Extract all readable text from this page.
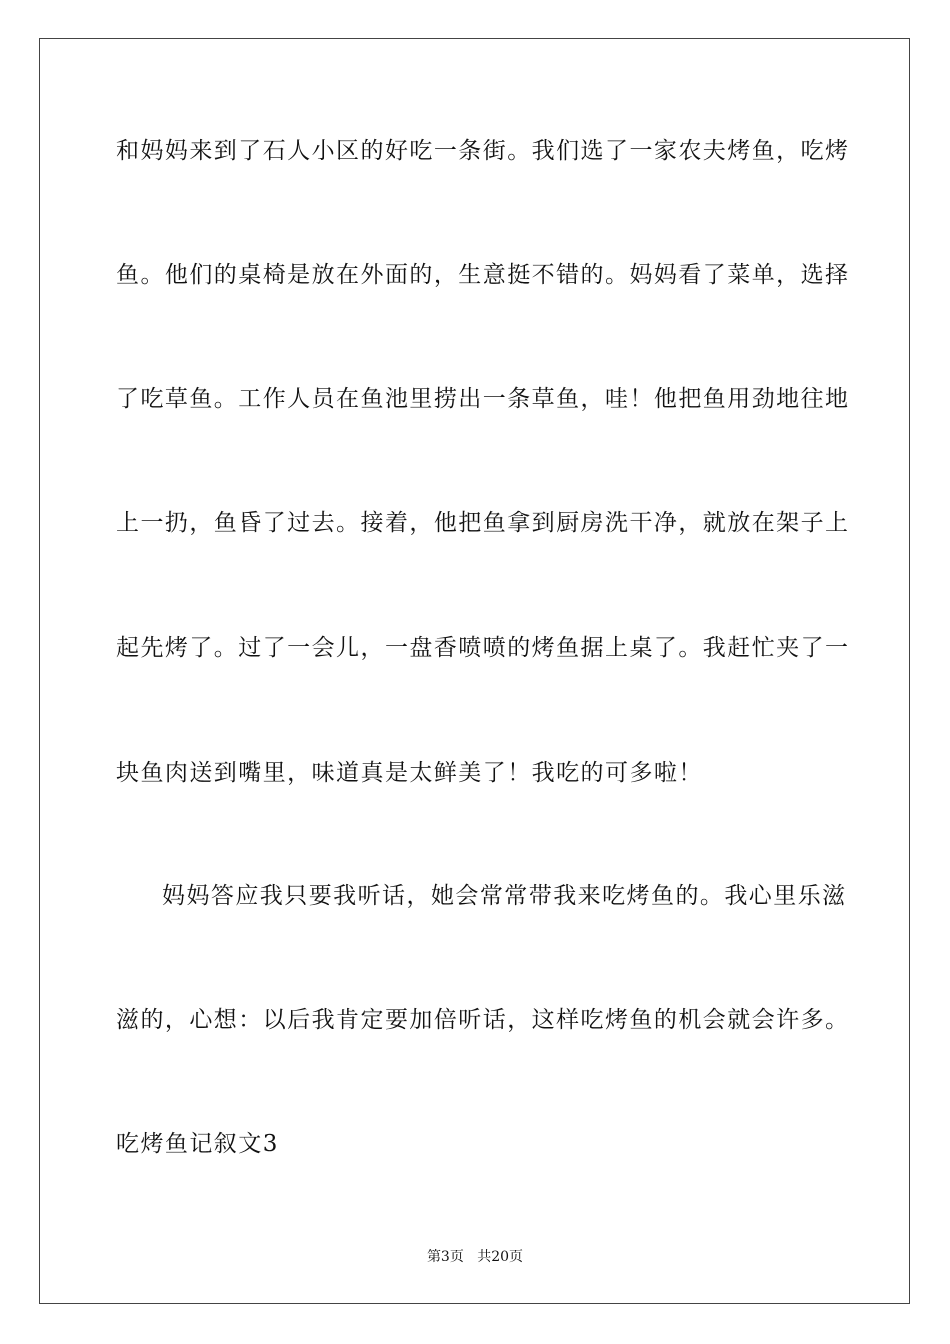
和妈妈来到了石人小区的好吃一条街。我们选了一家农夫烤鱼，吃烤
鱼。他们的桌椅是放在外面的，生意挺不错的。妈妈看了菜单，选择
了吃草鱼。工作人员在鱼池里捞出一条草鱼，哇！他把鱼用劲地往地
上一扔，鱼昏了过去。接着，他把鱼拿到厨房洗干净，就放在架子上
起先烤了。过了一会儿，一盘香喷喷的烤鱼据上桌了。我赶忙夹了一
块鱼肉送到嘴里，味道真是太鲜美了！我吃的可多啦！
妈妈答应我只要我听话，她会常常带我来吃烤鱼的。我心里乐滋
滋的，心想：以后我肯定要加倍听话，这样吃烤鱼的机会就会许多。
吃烤鱼记叙文3
第3页 共20页
